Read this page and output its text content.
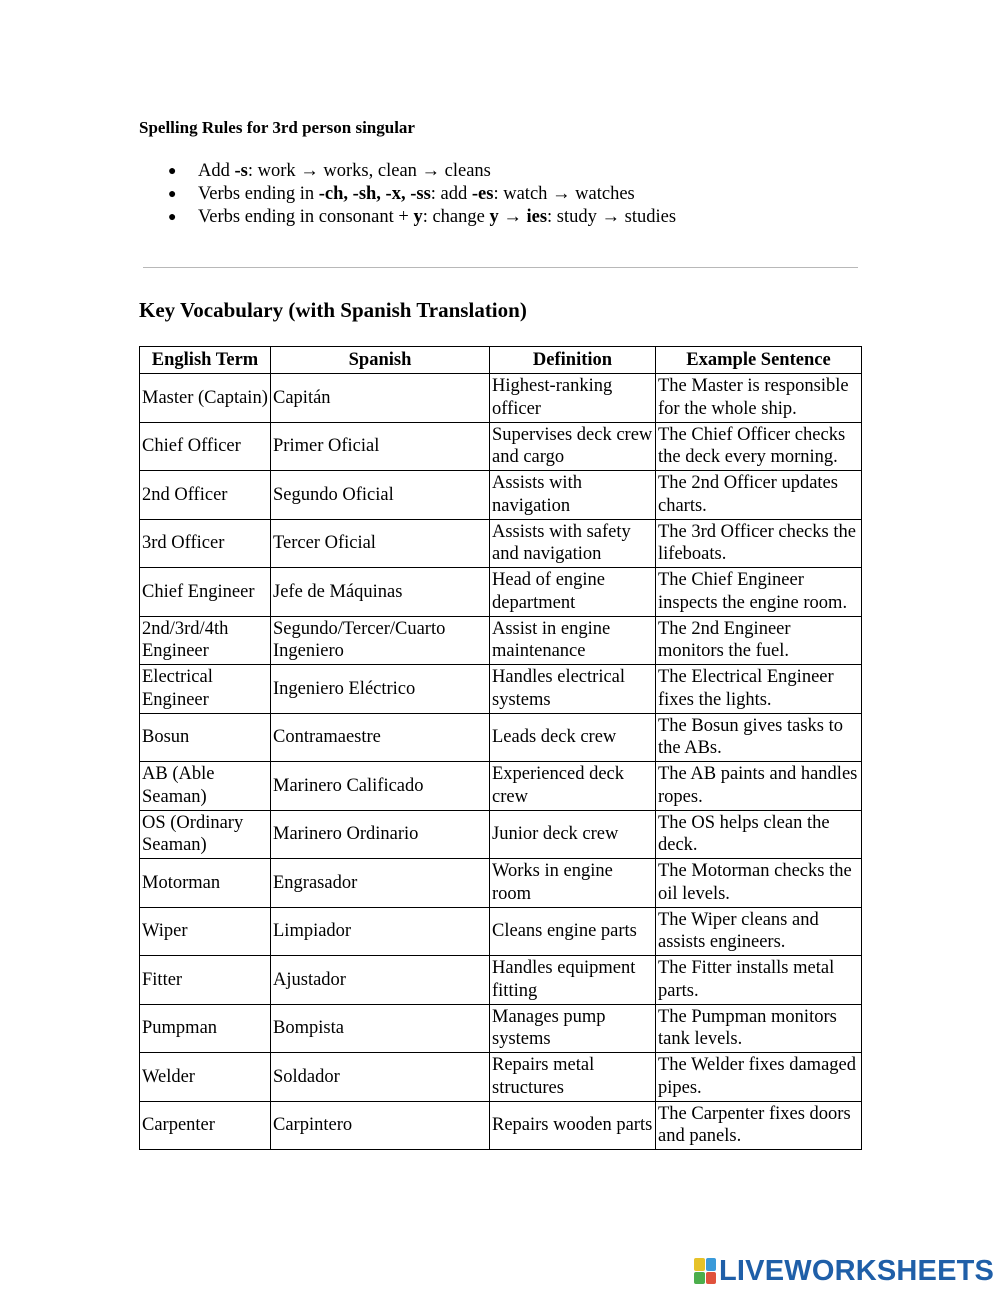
Spelling Rules for 3rd person singular

● Add -s: work → works, clean → cleans
● Verbs ending in -ch, -sh, -x, -ss: add -es: watch → watches
● Verbs ending in consonant + y: change y → ies: study → studies
Key Vocabulary (with Spanish Translation)
English Term	Spanish	Definition	Example Sentence
Master (Captain)	Capitán	Highest-ranking officer	The Master is responsible for the whole ship.
Chief Officer	Primer Oficial	Supervises deck crew and cargo	The Chief Officer checks the deck every morning.
2nd Officer	Segundo Oficial	Assists with navigation	The 2nd Officer updates charts.
3rd Officer	Tercer Oficial	Assists with safety and navigation	The 3rd Officer checks the lifeboats.
Chief Engineer	Jefe de Máquinas	Head of engine department	The Chief Engineer inspects the engine room.
2nd/3rd/4th Engineer	Segundo/Tercer/Cuarto Ingeniero	Assist in engine maintenance	The 2nd Engineer monitors the fuel.
Electrical Engineer	Ingeniero Eléctrico	Handles electrical systems	The Electrical Engineer fixes the lights.
Bosun	Contramaestre	Leads deck crew	The Bosun gives tasks to the ABs.
AB (Able Seaman)	Marinero Calificado	Experienced deck crew	The AB paints and handles ropes.
OS (Ordinary Seaman)	Marinero Ordinario	Junior deck crew	The OS helps clean the deck.
Motorman	Engrasador	Works in engine room	The Motorman checks the oil levels.
Wiper	Limpiador	Cleans engine parts	The Wiper cleans and assists engineers.
Fitter	Ajustador	Handles equipment fitting	The Fitter installs metal parts.
Pumpman	Bompista	Manages pump systems	The Pumpman monitors tank levels.
Welder	Soldador	Repairs metal structures	The Welder fixes damaged pipes.
Carpenter	Carpintero	Repairs wooden parts	The Carpenter fixes doors and panels.
LIVEWORKSHEETS
